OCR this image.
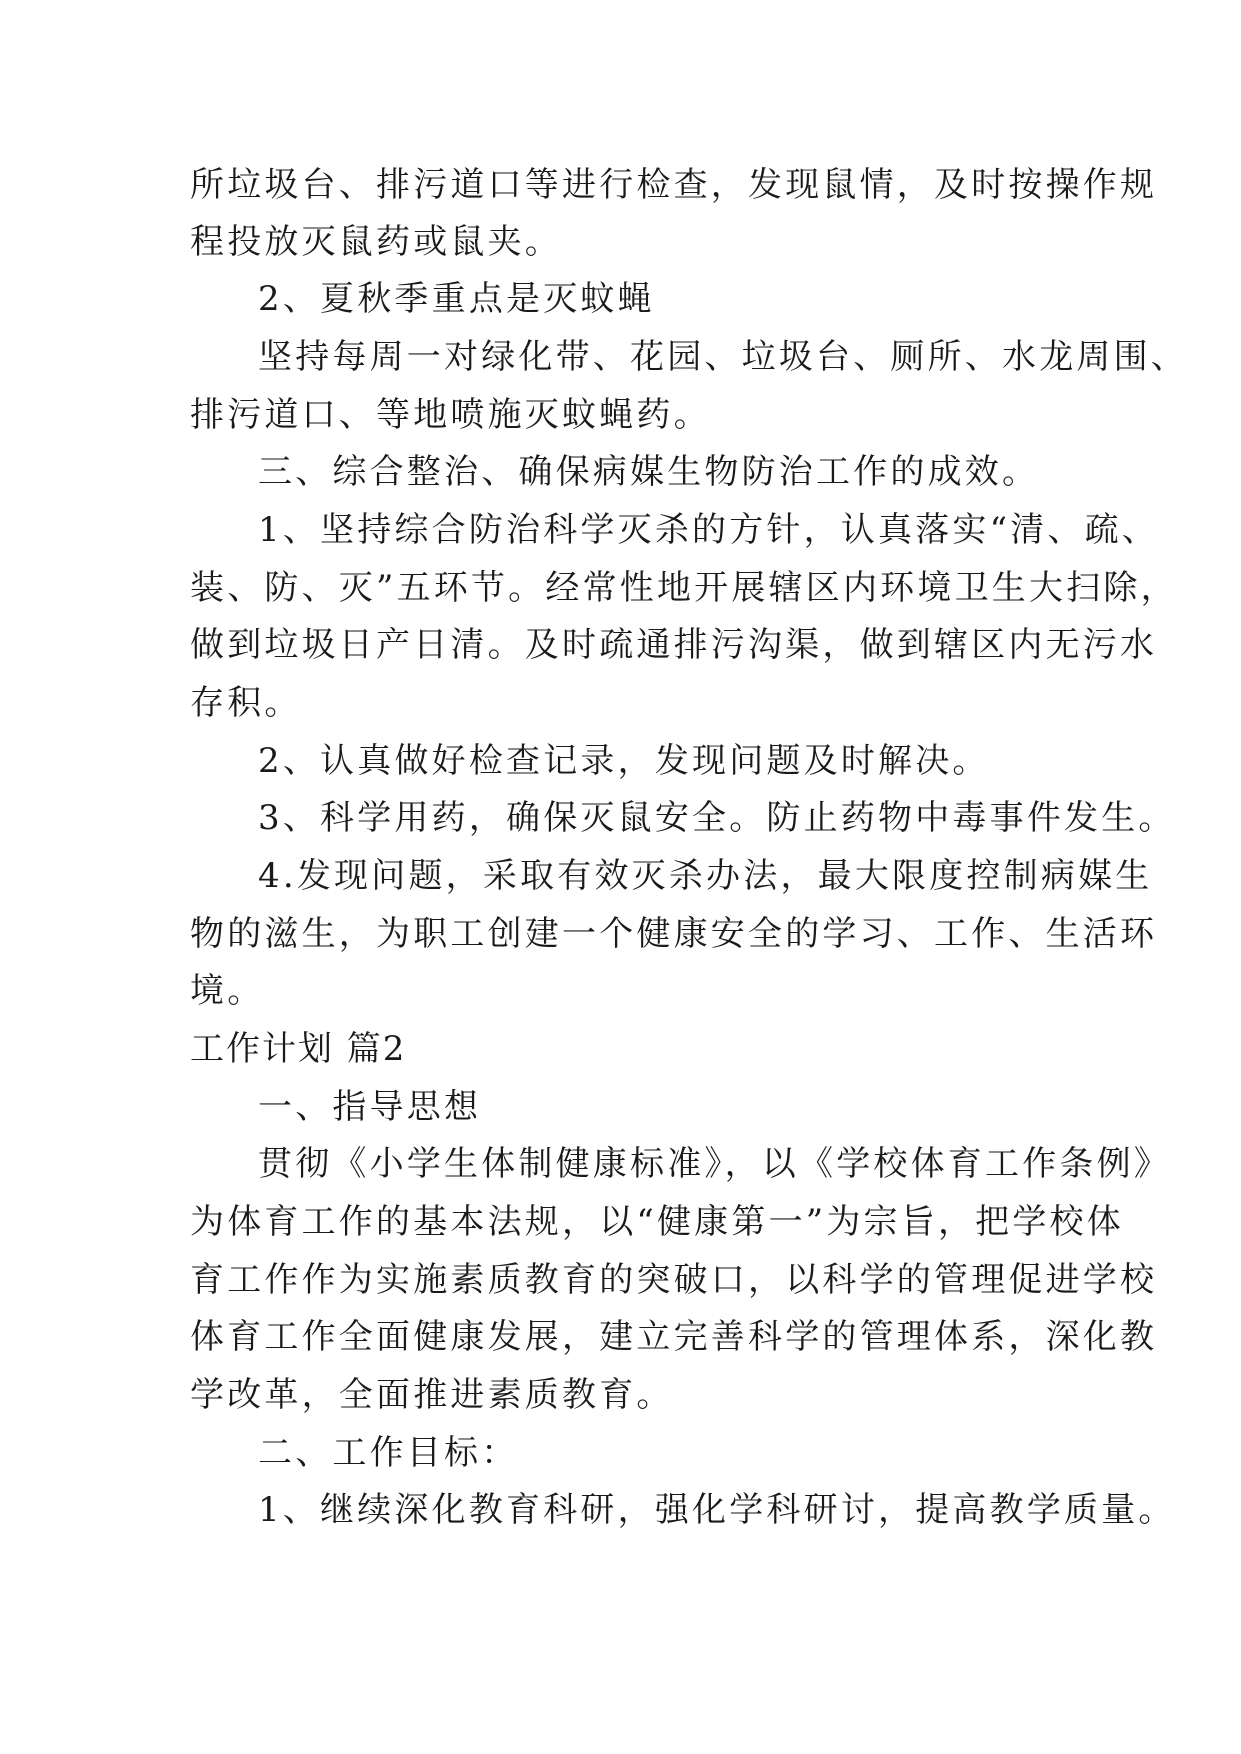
所垃圾台、排污道口等进行检查，发现鼠情，及时按操作规
程投放灭鼠药或鼠夹。
2、夏秋季重点是灭蚊蝇
坚持每周一对绿化带、花园、垃圾台、厕所、水龙周围、
排污道口、等地喷施灭蚊蝇药。
三、综合整治、确保病媒生物防治工作的成效。
1、坚持综合防治科学灭杀的方针，认真落实“清、疏、
装、防、灭”五环节。经常性地开展辖区内环境卫生大扫除，
做到垃圾日产日清。及时疏通排污沟渠，做到辖区内无污水
存积。
2、认真做好检查记录，发现问题及时解决。
3、科学用药，确保灭鼠安全。防止药物中毒事件发生。
4.发现问题，采取有效灭杀办法，最大限度控制病媒生
物的滋生，为职工创建一个健康安全的学习、工作、生活环
境。
工作计划 篇2
一、指导思想
贯彻《小学生体制健康标准》，以《学校体育工作条例》
为体育工作的基本法规，以“健康第一”为宗旨，把学校体
育工作作为实施素质教育的突破口，以科学的管理促进学校
体育工作全面健康发展，建立完善科学的管理体系，深化教
学改革，全面推进素质教育。
二、工作目标：
1、继续深化教育科研，强化学科研讨，提高教学质量。
